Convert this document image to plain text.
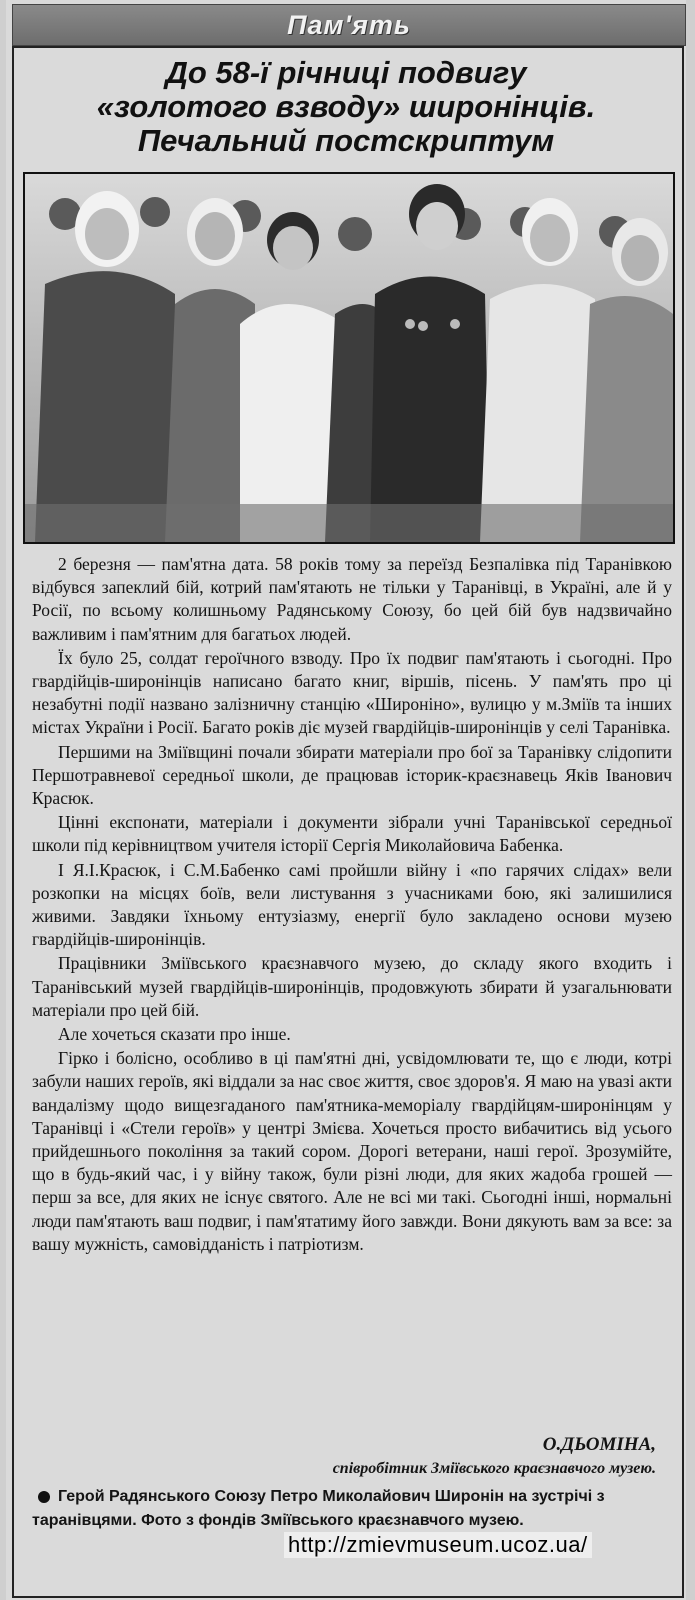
Пам'ять
До 58-ї річниці подвигу
«золотого взводу» широнінців.
Печальний постскриптум

2 березня — пам'ятна дата. 58 років тому за переїзд Безпалівка під Таранівкою відбувся запеклий бій, котрий пам'ятають не тільки у Таранівці, в Україні, але й у Росії, по всьому колишньому Радянському Союзу, бо цей бій був надзвичайно важливим і пам'ятним для багатьох людей.

Їх було 25, солдат героїчного взводу. Про їх подвиг пам'ятають і сьогодні. Про гвардійців-широнінців написано багато книг, віршів, пісень. У пам'ять про ці незабутні події названо залізничну станцію «Широніно», вулицю у м.Зміїв та інших містах України і Росії. Багато років діє музей гвардійців-широнінців у селі Таранівка.

Першими на Зміївщині почали збирати матеріали про бої за Таранівку слідопити Першотравневої середньої школи, де працював історик-краєзнавець Яків Іванович Красюк.

Цінні експонати, матеріали і документи зібрали учні Таранівської середньої школи під керівництвом учителя історії Сергія Миколайовича Бабенка.

І Я.І.Красюк, і С.М.Бабенко самі пройшли війну і «по гарячих слідах» вели розкопки на місцях боїв, вели листування з учасниками бою, які залишилися живими. Завдяки їхньому ентузіазму, енергії було закладено основи музею гвардійців-широнінців.

Працівники Зміївського краєзнавчого музею, до складу якого входить і Таранівський музей гвардійців-широнінців, продовжують збирати й узагальнювати матеріали про цей бій.

Але хочеться сказати про інше.

Гірко і болісно, особливо в ці пам'ятні дні, усвідомлювати те, що є люди, котрі забули наших героїв, які віддали за нас своє життя, своє здоров'я. Я маю на увазі акти вандалізму щодо вищезгаданого пам'ятника-меморіалу гвардійцям-широнінцям у Таранівці і «Стели героїв» у центрі Змієва. Хочеться просто вибачитись від усього прийдешнього покоління за такий сором. Дорогі ветерани, наші герої. Зрозумійте, що в будь-який час, і у війну також, були різні люди, для яких жадоба грошей — перш за все, для яких не існує святого. Але не всі ми такі. Сьогодні інші, нормальні люди пам'ятають ваш подвиг, і пам'ятатиму його завжди. Вони дякують вам за все: за вашу мужність, самовідданість і патріотизм.

О.ДЬОМІНА,
співробітник Зміївського краєзнавчого музею.
Герой Радянського Союзу Петро Миколайович Широнін на зустрічі з таранівцями. Фото з фондів Зміївського краєзнавчого музею.
http://zmievmuseum.ucoz.ua/
